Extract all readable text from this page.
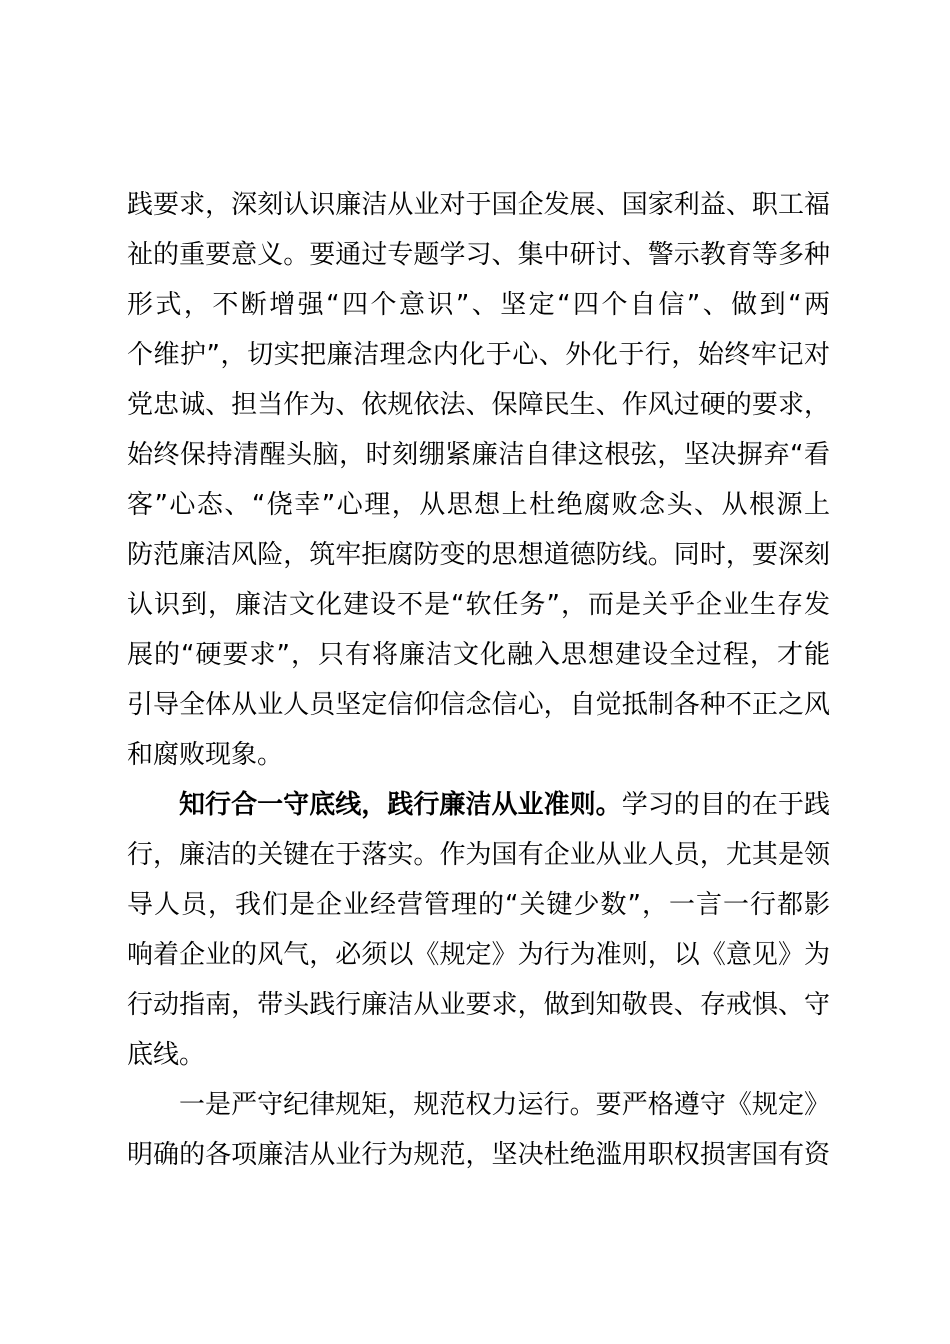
践要求，深刻认识廉洁从业对于国企发展、国家利益、职工福
祉的重要意义。要通过专题学习、集中研讨、警示教育等多种
形式，不断增强“四个意识”、坚定“四个自信”、做到“两
个维护”，切实把廉洁理念内化于心、外化于行，始终牢记对
党忠诚、担当作为、依规依法、保障民生、作风过硬的要求，
始终保持清醒头脑，时刻绷紧廉洁自律这根弦，坚决摒弃“看
客”心态、“侥幸”心理，从思想上杜绝腐败念头、从根源上
防范廉洁风险，筑牢拒腐防变的思想道德防线。同时，要深刻
认识到，廉洁文化建设不是“软任务”，而是关乎企业生存发
展的“硬要求”，只有将廉洁文化融入思想建设全过程，才能
引导全体从业人员坚定信仰信念信心，自觉抵制各种不正之风
和腐败现象。
知行合一守底线，践行廉洁从业准则。学习的目的在于践
行，廉洁的关键在于落实。作为国有企业从业人员，尤其是领
导人员，我们是企业经营管理的“关键少数”，一言一行都影
响着企业的风气，必须以《规定》为行为准则，以《意见》为
行动指南，带头践行廉洁从业要求，做到知敬畏、存戒惧、守
底线。
一是严守纪律规矩，规范权力运行。要严格遵守《规定》
明确的各项廉洁从业行为规范，坚决杜绝滥用职权损害国有资
